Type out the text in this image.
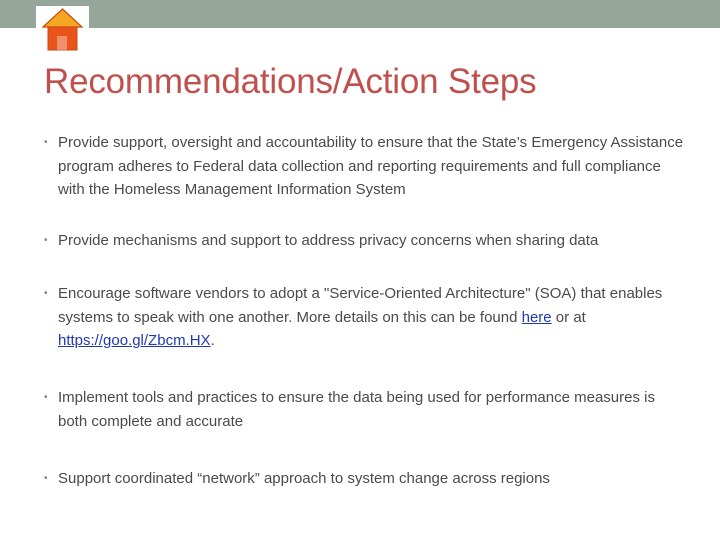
Recommendations/Action Steps
• Provide support, oversight and accountability to ensure that the State’s Emergency Assistance program adheres to Federal data collection and reporting requirements and full compliance with the Homeless Management Information System
• Provide mechanisms and support to address privacy concerns when sharing data
• Encourage software vendors to adopt a "Service-Oriented Architecture" (SOA) that enables systems to speak with one another. More details on this can be found here or at https://goo.gl/Zbcm.HX.
• Implement tools and practices to ensure the data being used for performance measures is both complete and accurate
• Support coordinated “network” approach to system change across regions
